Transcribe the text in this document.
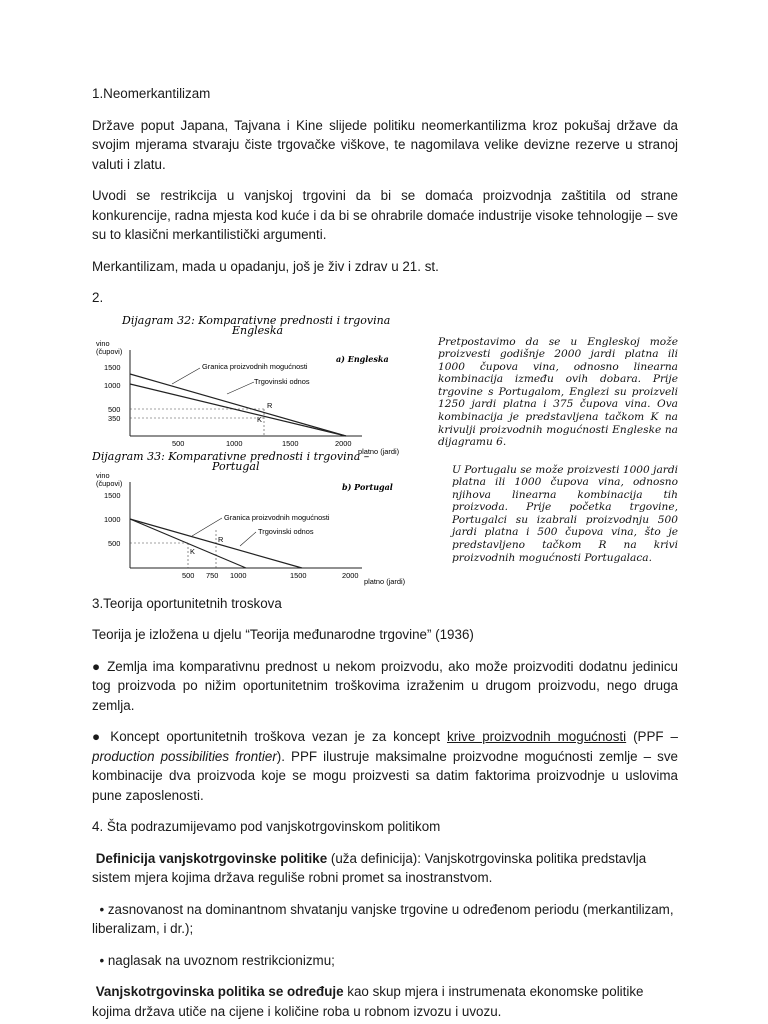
1.Neomerkantilizam

Države poput Japana, Tajvana i Kine slijede politiku neomerkantilizma kroz pokušaj države da svojim mjerama stvaraju čiste trgovačke viškove, te nagomilava velike devizne rezerve u stranoj valuti i zlatu.

Uvodi se restrikcija u vanjskoj trgovini da bi se domaća proizvodnja zaštitila od strane konkurencije, radna mjesta kod kuće i da bi se ohrabrile domaće industrije visoke tehnologije – sve su to klasični merkantilistički argumenti.

Merkantilizam, mada u opadanju, još je živ i zdrav u 21. st.

2.

Dijagram 32: Komparativne prednosti i trgovina
Engleska
vino
(čupovi)
a) Engleska
1500
1000
500
350
Granica proizvodnih mogućnosti
Trgovinski odnos
R
K
500	1000	1500	2000
platno (jardi)
Dijagram 33: Komparativne prednosti i trgovina –
Portugal
vino
(čupovi)	b) Portugal
1500
1000
500
Granica proizvodnih mogućnosti
Trgovinski odnos
R
K
500 750 1000	1500	2000
platno (jardi)
Pretpostavimo da se u Engleskoj može proizvesti godišnje 2000 jardi platna ili 1000 čupova vina, odnosno linearna kombinacija između ovih dobara. Prije trgovine s Portugalom, Englezi su proizveli 1250 jardi platna i 375 čupova vina. Ova kombinacija je predstavljena tačkom K na krivulji proizvodnih mogućnosti Engleske na dijagramu 6.
U Portugalu se može proizvesti 1000 jardi platna ili 1000 čupova vina, odnosno njihova linearna kombinacija tih proizvoda. Prije početka trgovine, Portugalci su izabrali proizvodnju 500 jardi platna i 500 čupova vina, što je predstavljeno tačkom R na krivi proizvodnih mogućnosti Portugalaca.

3.Teorija oportunitetnih troskova

Teorija je izložena u djelu “Teorija međunarodne trgovine” (1936)

● Zemlja ima komparativnu prednost u nekom proizvodu, ako može proizvoditi dodatnu jedinicu tog proizvoda po nižim oportunitetnim troškovima izraženim u drugom proizvodu, nego druga zemlja.

● Koncept oportunitetnih troškova vezan je za koncept krive proizvodnih mogućnosti (PPF – production possibilities frontier). PPF ilustruje maksimalne proizvodne mogućnosti zemlje – sve kombinacije dva proizvoda koje se mogu proizvesti sa datim faktorima proizvodnje u uslovima pune zaposlenosti.

4. Šta podrazumijevamo pod vanjskotrgovinskom politikom

Definicija vanjskotrgovinske politike (uža definicija): Vanjskotrgovinska politika predstavlja sistem mjera kojima država reguliše robni promet sa inostranstvom.

• zasnovanost na dominantnom shvatanju vanjske trgovine u određenom periodu (merkantilizam, liberalizam, i dr.);

• naglasak na uvoznom restrikcionizmu;

Vanjskotrgovinska politika se određuje kao skup mjera i instrumenata ekonomske politike kojima država utiče na cijene i količine roba u robnom izvozu i uvozu.
